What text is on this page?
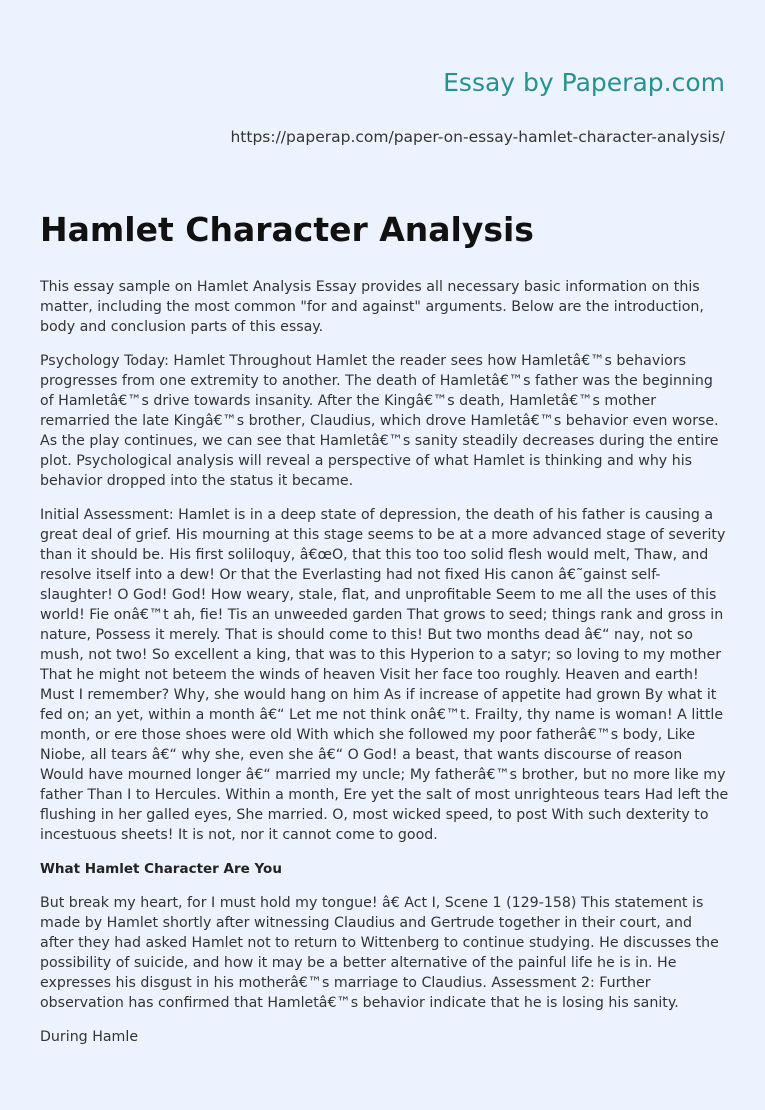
Essay by Paperap.com
https://paperap.com/paper-on-essay-hamlet-character-analysis/
Hamlet Character Analysis

This essay sample on Hamlet Analysis Essay provides all necessary basic information on this matter, including the most common "for and against" arguments. Below are the introduction, body and conclusion parts of this essay.

Psychology Today: Hamlet Throughout Hamlet the reader sees how Hamletâ€™s behaviors progresses from one extremity to another. The death of Hamletâ€™s father was the beginning of Hamletâ€™s drive towards insanity. After the Kingâ€™s death, Hamletâ€™s mother remarried the late Kingâ€™s brother, Claudius, which drove Hamletâ€™s behavior even worse. As the play continues, we can see that Hamletâ€™s sanity steadily decreases during the entire plot. Psychological analysis will reveal a perspective of what Hamlet is thinking and why his behavior dropped into the status it became.

Initial Assessment: Hamlet is in a deep state of depression, the death of his father is causing a great deal of grief. His mourning at this stage seems to be at a more advanced stage of severity than it should be. His first soliloquy, â€œO, that this too too solid flesh would melt, Thaw, and resolve itself into a dew! Or that the Everlasting had not fixed His canon â€˜gainst self-slaughter! O God! God! How weary, stale, flat, and unprofitable Seem to me all the uses of this world! Fie onâ€™t ah, fie! Tis an unweeded garden That grows to seed; things rank and gross in nature, Possess it merely. That is should come to this! But two months dead â€“ nay, not so mush, not two! So excellent a king, that was to this Hyperion to a satyr; so loving to my mother That he might not beteem the winds of heaven Visit her face too roughly. Heaven and earth! Must I remember? Why, she would hang on him As if increase of appetite had grown By what it fed on; an yet, within a month â€“ Let me not think onâ€™t. Frailty, thy name is woman! A little month, or ere those shoes were old With which she followed my poor fatherâ€™s body, Like Niobe, all tears â€“ why she, even she â€“ O God! a beast, that wants discourse of reason Would have mourned longer â€“ married my uncle; My fatherâ€™s brother, but no more like my father Than I to Hercules. Within a month, Ere yet the salt of most unrighteous tears Had left the flushing in her galled eyes, She married. O, most wicked speed, to post With such dexterity to incestuous sheets! It is not, nor it cannot come to good.

What Hamlet Character Are You

But break my heart, for I must hold my tongue! â€ Act I, Scene 1 (129-158) This statement is made by Hamlet shortly after witnessing Claudius and Gertrude together in their court, and after they had asked Hamlet not to return to Wittenberg to continue studying. He discusses the possibility of suicide, and how it may be a better alternative of the painful life he is in. He expresses his disgust in his motherâ€™s marriage to Claudius. Assessment 2: Further observation has confirmed that Hamletâ€™s behavior indicate that he is losing his sanity.

During Hamle
